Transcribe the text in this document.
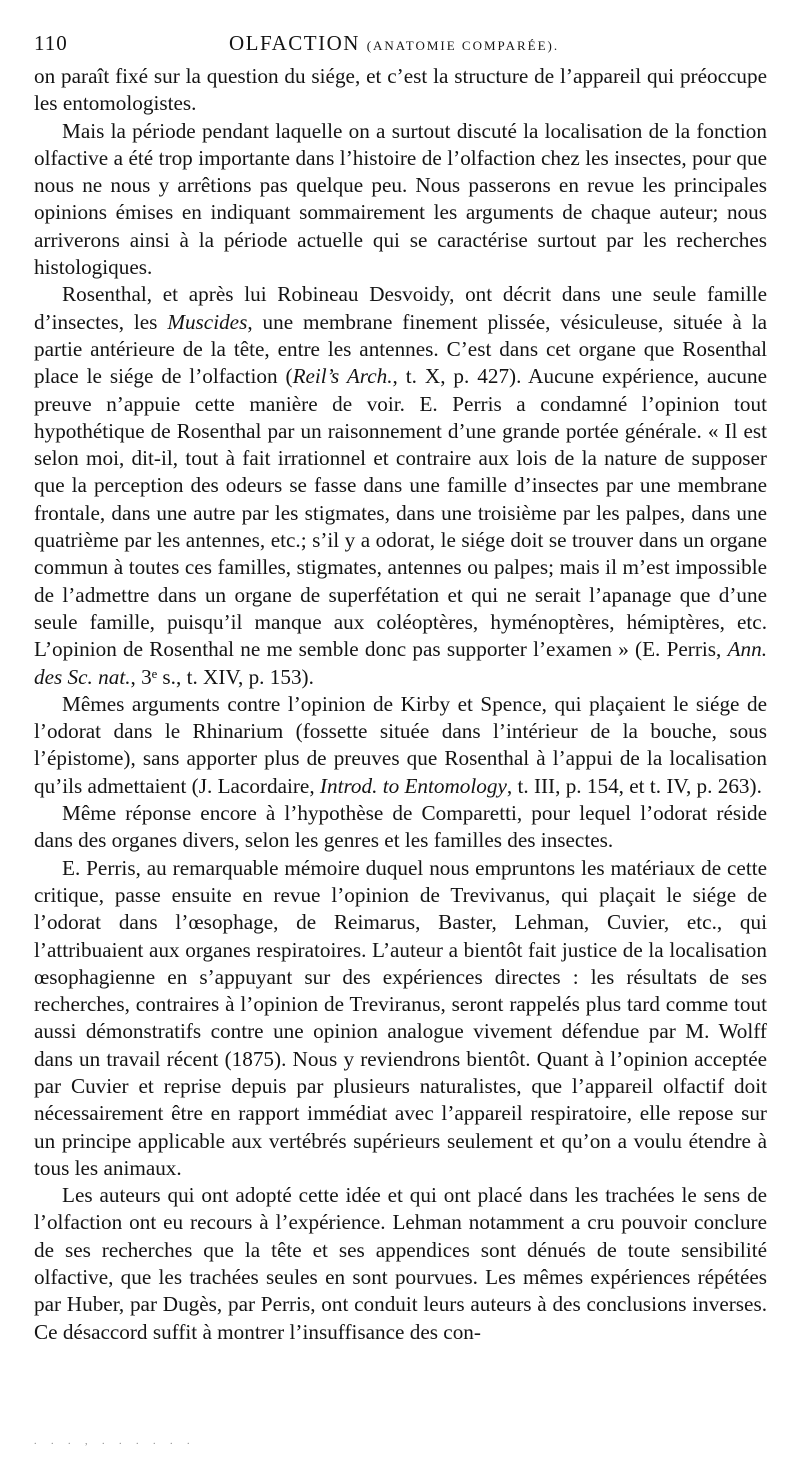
110	OLFACTION (ANATOMIE COMPARÉE).

on paraît fixé sur la question du siége, et c’est la structure de l’appareil qui préoccupe les entomologistes.

Mais la période pendant laquelle on a surtout discuté la localisation de la fonction olfactive a été trop importante dans l’histoire de l’olfaction chez les insectes, pour que nous ne nous y arrêtions pas quelque peu. Nous passerons en revue les principales opinions émises en indiquant sommairement les arguments de chaque auteur; nous arriverons ainsi à la période actuelle qui se caractérise surtout par les recherches histologiques.

Rosenthal, et après lui Robineau Desvoidy, ont décrit dans une seule famille d’insectes, les Muscides, une membrane finement plissée, vésiculeuse, située à la partie antérieure de la tête, entre les antennes. C’est dans cet organe que Rosenthal place le siége de l’olfaction (Reil’s Arch., t. X, p. 427). Aucune expérience, aucune preuve n’appuie cette manière de voir. E. Perris a condamné l’opinion tout hypothétique de Rosenthal par un raisonnement d’une grande portée générale. « Il est selon moi, dit-il, tout à fait irrationnel et contraire aux lois de la nature de supposer que la perception des odeurs se fasse dans une famille d’insectes par une membrane frontale, dans une autre par les stigmates, dans une troisième par les palpes, dans une quatrième par les antennes, etc.; s’il y a odorat, le siége doit se trouver dans un organe commun à toutes ces familles, stigmates, antennes ou palpes; mais il m’est impossible de l’admettre dans un organe de superfétation et qui ne serait l’apanage que d’une seule famille, puisqu’il manque aux coléoptères, hyménoptères, hémiptères, etc. L’opinion de Rosenthal ne me semble donc pas supporter l’examen » (E. Perris, Ann. des Sc. nat., 3ᵉ s., t. XIV, p. 153).

Mêmes arguments contre l’opinion de Kirby et Spence, qui plaçaient le siége de l’odorat dans le Rhinarium (fossette située dans l’intérieur de la bouche, sous l’épistome), sans apporter plus de preuves que Rosenthal à l’appui de la localisation qu’ils admettaient (J. Lacordaire, Introd. to Entomology, t. III, p. 154, et t. IV, p. 263).

Même réponse encore à l’hypothèse de Comparetti, pour lequel l’odorat réside dans des organes divers, selon les genres et les familles des insectes.

E. Perris, au remarquable mémoire duquel nous empruntons les matériaux de cette critique, passe ensuite en revue l’opinion de Trevivanus, qui plaçait le siége de l’odorat dans l’œsophage, de Reimarus, Baster, Lehman, Cuvier, etc., qui l’attribuaient aux organes respiratoires. L’auteur a bientôt fait justice de la localisation œsophagienne en s’appuyant sur des expériences directes : les résultats de ses recherches, contraires à l’opinion de Treviranus, seront rappelés plus tard comme tout aussi démonstratifs contre une opinion analogue vivement défendue par M. Wolff dans un travail récent (1875). Nous y reviendrons bientôt. Quant à l’opinion acceptée par Cuvier et reprise depuis par plusieurs naturalistes, que l’appareil olfactif doit nécessairement être en rapport immédiat avec l’appareil respiratoire, elle repose sur un principe applicable aux vertébrés supérieurs seulement et qu’on a voulu étendre à tous les animaux.

Les auteurs qui ont adopté cette idée et qui ont placé dans les trachées le sens de l’olfaction ont eu recours à l’expérience. Lehman notamment a cru pouvoir conclure de ses recherches que la tête et ses appendices sont dénués de toute sensibilité olfactive, que les trachées seules en sont pourvues. Les mêmes expériences répétées par Huber, par Dugès, par Perris, ont conduit leurs auteurs à des conclusions inverses. Ce désaccord suffit à montrer l’insuffisance des con-

. . . , . . . . . .
